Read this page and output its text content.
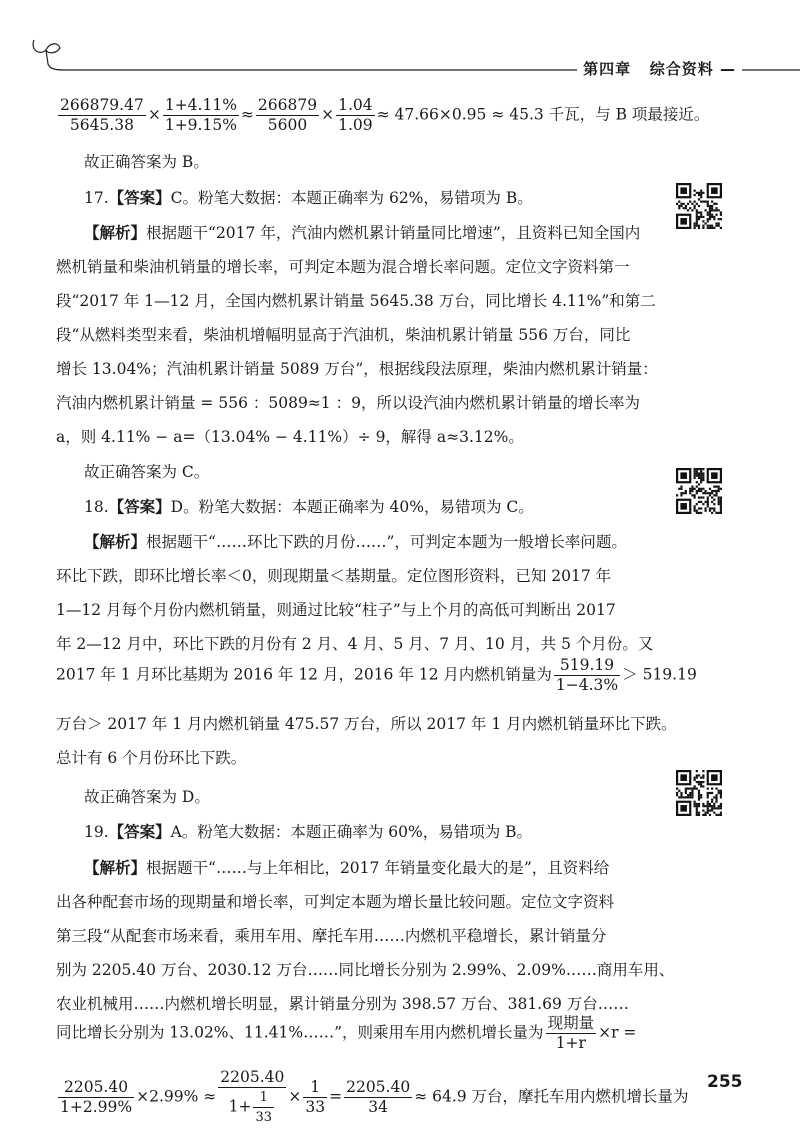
第四章 综合资料 —
$\frac{266879.47}{5645.38} \times \frac{1+4.11\%}{1+9.15\%} \approx \frac{266879}{5600} \times \frac{1.04}{1.09} \approx 47.66\times 0.95 \approx 45.3$ 千瓦，与 B 项最接近。
故正确答案为 B。
17.【答案】C。粉笔大数据：本题正确率为 62%，易错项为 B。
【解析】根据题干“2017 年，汽油内燃机累计销量同比增速”，且资料已知全国内
燃机销量和柴油机销量的增长率，可判定本题为混合增长率问题。定位文字资料第一
段“2017 年 1—12 月，全国内燃机累计销量 5645.38 万台，同比增长 4.11%”和第二
段“从燃料类型来看，柴油机增幅明显高于汽油机，柴油机累计销量 556 万台，同比
增长 13.04%；汽油机累计销量 5089 万台”，根据线段法原理，柴油内燃机累计销量：
汽油内燃机累计销量 = 556 ：5089≈1 ：9，所以设汽油内燃机累计销量的增长率为
a，则 4.11% − a=（13.04% − 4.11%）÷ 9，解得 a≈3.12%。
故正确答案为 C。
18.【答案】D。粉笔大数据：本题正确率为 40%，易错项为 C。
【解析】根据题干“……环比下跌的月份……”，可判定本题为一般增长率问题。
环比下跌，即环比增长率＜0，则现期量＜基期量。定位图形资料，已知 2017 年
1—12 月每个月份内燃机销量，则通过比较“柱子”与上个月的高低可判断出 2017
年 2—12 月中，环比下跌的月份有 2 月、4 月、5 月、7 月、10 月，共 5 个月份。又
2017 年 1 月环比基期为 2016 年 12 月，2016 年 12 月内燃机销量为 $\frac{519.19}{1-4.3\%} > 519.19$
万台＞ 2017 年 1 月内燃机销量 475.57 万台，所以 2017 年 1 月内燃机销量环比下跌。
总计有 6 个月份环比下跌。
故正确答案为 D。
19.【答案】A。粉笔大数据：本题正确率为 60%，易错项为 B。
【解析】根据题干“……与上年相比，2017 年销量变化最大的是”，且资料给
出各种配套市场的现期量和增长率，可判定本题为增长量比较问题。定位文字资料
第三段“从配套市场来看，乘用车用、摩托车用……内燃机平稳增长，累计销量分
别为 2205.40 万台、2030.12 万台……同比增长分别为 2.99%、2.09%……商用车用、
农业机械用……内燃机增长明显，累计销量分别为 398.57 万台、381.69 万台……
同比增长分别为 13.02%、11.41%……”，则乘用车用内燃机增长量为 $\frac{\text{现期量}}{1+r} \times r$ =
$\frac{2205.40}{1+2.99\%} \times 2.99\% \approx \frac{2205.40}{1+ \frac{1}{33}} \times \frac{1}{33} = \frac{2205.40}{34} \approx 64.9$ 万台，摩托车用内燃机增长量为
255
